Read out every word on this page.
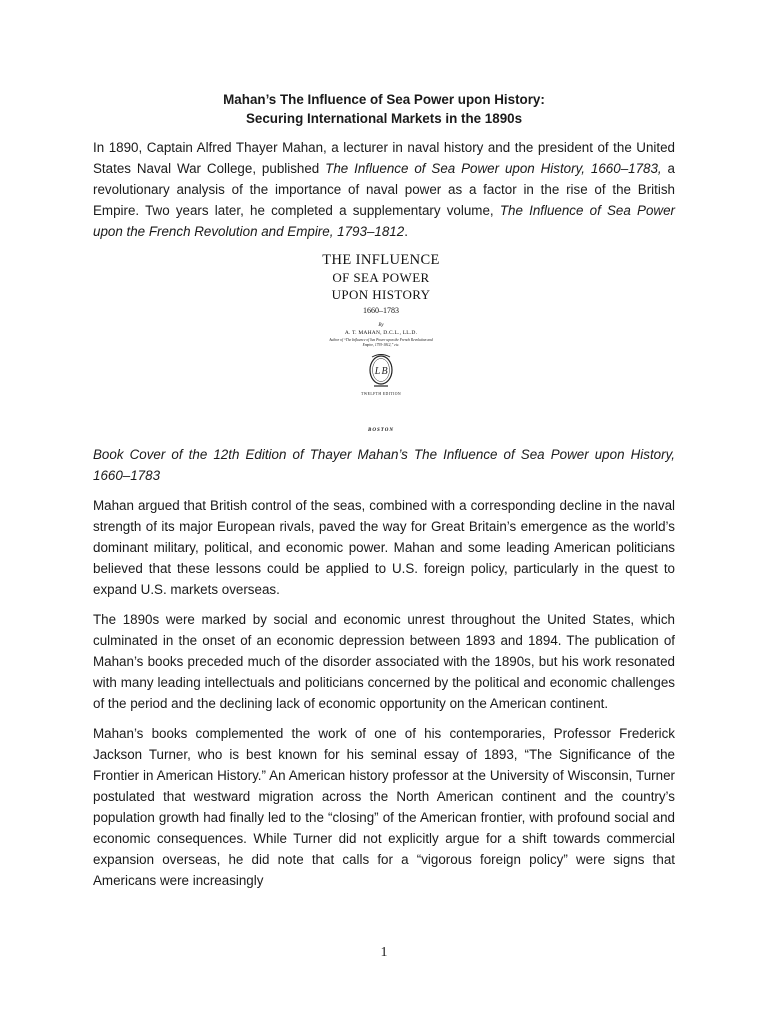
Mahan’s The Influence of Sea Power upon History:
Securing International Markets in the 1890s

In 1890, Captain Alfred Thayer Mahan, a lecturer in naval history and the president of the United States Naval War College, published The Influence of Sea Power upon History, 1660–1783, a revolutionary analysis of the importance of naval power as a factor in the rise of the British Empire. Two years later, he completed a supplementary volume, The Influence of Sea Power upon the French Revolution and Empire, 1793–1812.

THE INFLUENCE
OF SEA POWER
UPON HISTORY
1660–1783
By
A. T. MAHAN, D.C.L., LL.D.
Author of “The Influence of Sea Power upon the French Revolution and Empire, 1793-1812,” etc.
L B
TWELFTH EDITION
BOSTON
Book Cover of the 12th Edition of Thayer Mahan’s The Influence of Sea Power upon History, 1660–1783

Mahan argued that British control of the seas, combined with a corresponding decline in the naval strength of its major European rivals, paved the way for Great Britain’s emergence as the world’s dominant military, political, and economic power. Mahan and some leading American politicians believed that these lessons could be applied to U.S. foreign policy, particularly in the quest to expand U.S. markets overseas.

The 1890s were marked by social and economic unrest throughout the United States, which culminated in the onset of an economic depression between 1893 and 1894. The publication of Mahan’s books preceded much of the disorder associated with the 1890s, but his work resonated with many leading intellectuals and politicians concerned by the political and economic challenges of the period and the declining lack of economic opportunity on the American continent.

Mahan’s books complemented the work of one of his contemporaries, Professor Frederick Jackson Turner, who is best known for his seminal essay of 1893, “The Significance of the Frontier in American History.” An American history professor at the University of Wisconsin, Turner postulated that westward migration across the North American continent and the country’s population growth had finally led to the “closing” of the American frontier, with profound social and economic consequences. While Turner did not explicitly argue for a shift towards commercial expansion overseas, he did note that calls for a “vigorous foreign policy” were signs that Americans were increasingly

1
